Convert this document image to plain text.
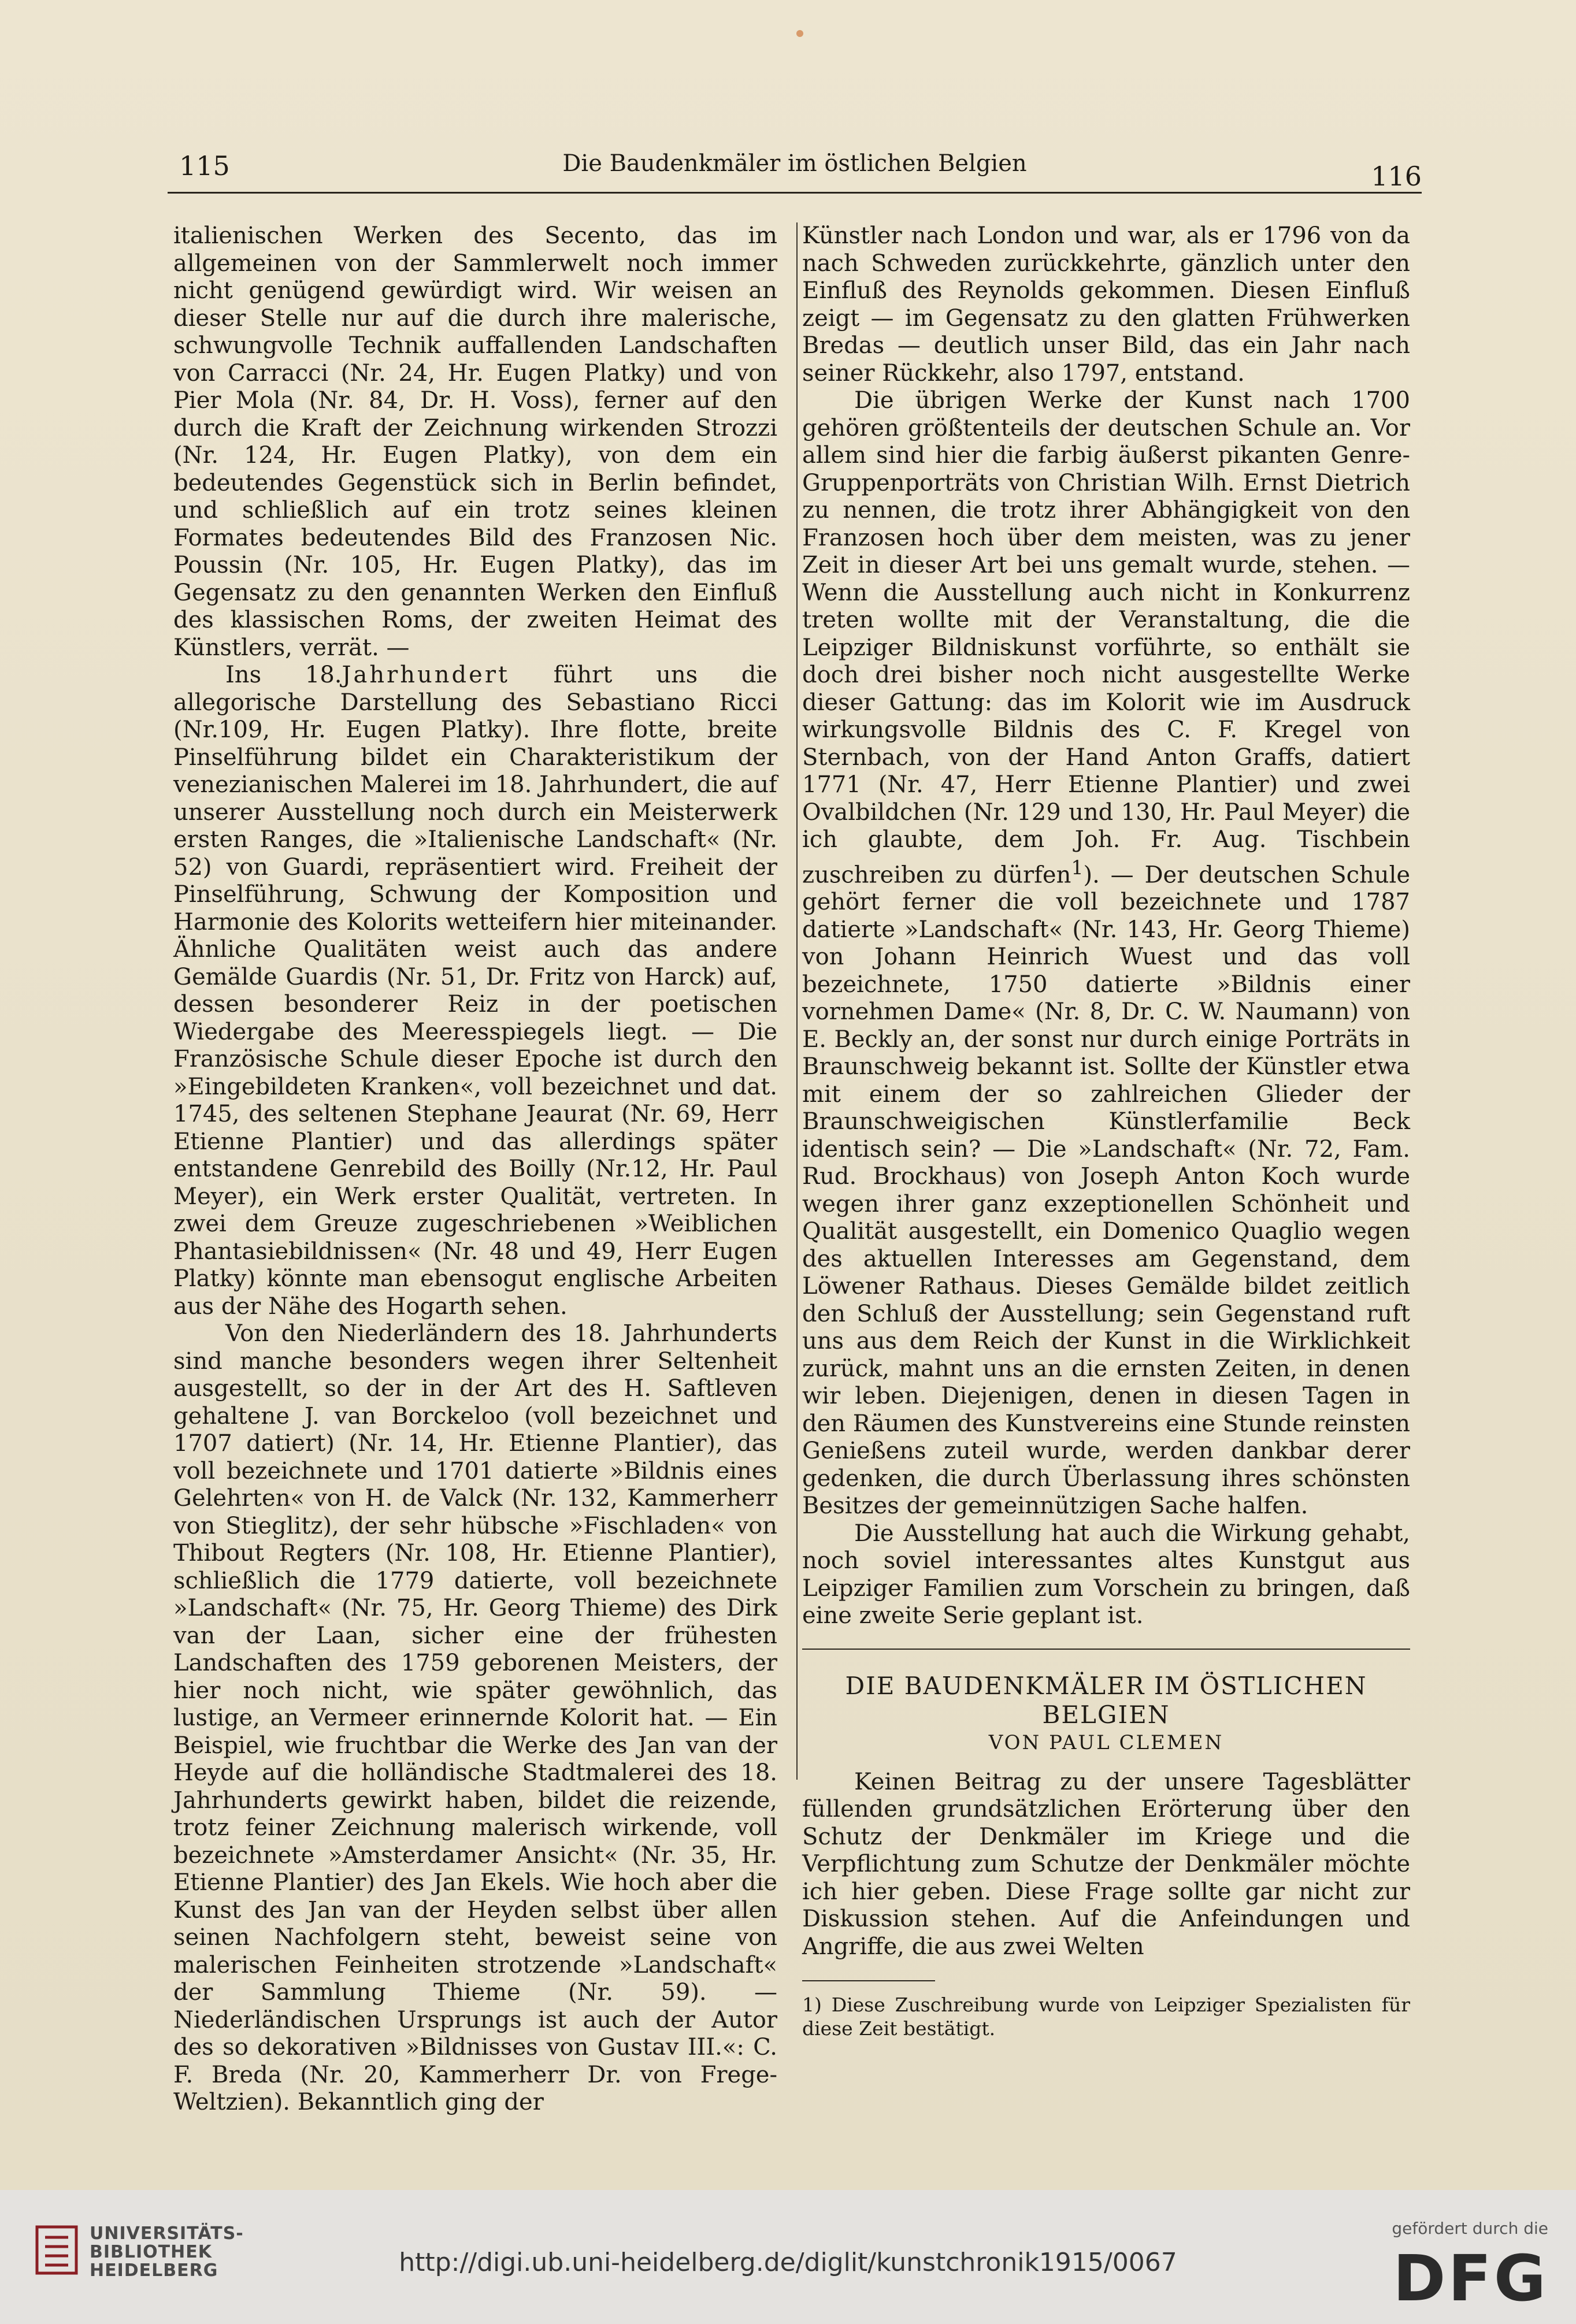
115	Die Baudenkmäler im östlichen Belgien	116

italienischen Werken des Secento, das im allgemeinen von der Sammlerwelt noch immer nicht genügend gewürdigt wird. Wir weisen an dieser Stelle nur auf die durch ihre malerische, schwungvolle Technik auffallenden Landschaften von Carracci (Nr. 24, Hr. Eugen Platky) und von Pier Mola (Nr. 84, Dr. H. Voss), ferner auf den durch die Kraft der Zeichnung wirkenden Strozzi (Nr. 124, Hr. Eugen Platky), von dem ein bedeutendes Gegenstück sich in Berlin befindet, und schließlich auf ein trotz seines kleinen Formates bedeutendes Bild des Franzosen Nic. Poussin (Nr. 105, Hr. Eugen Platky), das im Gegensatz zu den genannten Werken den Einfluß des klassischen Roms, der zweiten Heimat des Künstlers, verrät. —

Ins 18.Jahrhundert führt uns die allegorische Darstellung des Sebastiano Ricci (Nr.109, Hr. Eugen Platky). Ihre flotte, breite Pinselführung bildet ein Charakteristikum der venezianischen Malerei im 18. Jahrhundert, die auf unserer Ausstellung noch durch ein Meisterwerk ersten Ranges, die »Italienische Landschaft« (Nr. 52) von Guardi, repräsentiert wird. Freiheit der Pinselführung, Schwung der Komposition und Harmonie des Kolorits wetteifern hier miteinander. Ähnliche Qualitäten weist auch das andere Gemälde Guardis (Nr. 51, Dr. Fritz von Harck) auf, dessen besonderer Reiz in der poetischen Wiedergabe des Meeresspiegels liegt. — Die Französische Schule dieser Epoche ist durch den »Eingebildeten Kranken«, voll bezeichnet und dat. 1745, des seltenen Stephane Jeaurat (Nr. 69, Herr Etienne Plantier) und das allerdings später entstandene Genrebild des Boilly (Nr.12, Hr. Paul Meyer), ein Werk erster Qualität, vertreten. In zwei dem Greuze zugeschriebenen »Weiblichen Phantasiebildnissen« (Nr. 48 und 49, Herr Eugen Platky) könnte man ebensogut englische Arbeiten aus der Nähe des Hogarth sehen.

Von den Niederländern des 18. Jahrhunderts sind manche besonders wegen ihrer Seltenheit ausgestellt, so der in der Art des H. Saftleven gehaltene J. van Borckeloo (voll bezeichnet und 1707 datiert) (Nr. 14, Hr. Etienne Plantier), das voll bezeichnete und 1701 datierte »Bildnis eines Gelehrten« von H. de Valck (Nr. 132, Kammerherr von Stieglitz), der sehr hübsche »Fischladen« von Thibout Regters (Nr. 108, Hr. Etienne Plantier), schließlich die 1779 datierte, voll bezeichnete »Landschaft« (Nr. 75, Hr. Georg Thieme) des Dirk van der Laan, sicher eine der frühesten Landschaften des 1759 geborenen Meisters, der hier noch nicht, wie später gewöhnlich, das lustige, an Vermeer erinnernde Kolorit hat. — Ein Beispiel, wie fruchtbar die Werke des Jan van der Heyde auf die holländische Stadtmalerei des 18. Jahrhunderts gewirkt haben, bildet die reizende, trotz feiner Zeichnung malerisch wirkende, voll bezeichnete »Amsterdamer Ansicht« (Nr. 35, Hr. Etienne Plantier) des Jan Ekels. Wie hoch aber die Kunst des Jan van der Heyden selbst über allen seinen Nachfolgern steht, beweist seine von malerischen Feinheiten strotzende »Landschaft« der Sammlung Thieme (Nr. 59). — Niederländischen Ursprungs ist auch der Autor des so dekorativen »Bildnisses von Gustav III.«: C. F. Breda (Nr. 20, Kammerherr Dr. von Frege-Weltzien). Bekanntlich ging der

Künstler nach London und war, als er 1796 von da nach Schweden zurückkehrte, gänzlich unter den Einfluß des Reynolds gekommen. Diesen Einfluß zeigt — im Gegensatz zu den glatten Frühwerken Bredas — deutlich unser Bild, das ein Jahr nach seiner Rückkehr, also 1797, entstand.

Die übrigen Werke der Kunst nach 1700 gehören größtenteils der deutschen Schule an. Vor allem sind hier die farbig äußerst pikanten Genre-Gruppenporträts von Christian Wilh. Ernst Dietrich zu nennen, die trotz ihrer Abhängigkeit von den Franzosen hoch über dem meisten, was zu jener Zeit in dieser Art bei uns gemalt wurde, stehen. — Wenn die Ausstellung auch nicht in Konkurrenz treten wollte mit der Veranstaltung, die die Leipziger Bildniskunst vorführte, so enthält sie doch drei bisher noch nicht ausgestellte Werke dieser Gattung: das im Kolorit wie im Ausdruck wirkungsvolle Bildnis des C. F. Kregel von Sternbach, von der Hand Anton Graffs, datiert 1771 (Nr. 47, Herr Etienne Plantier) und zwei Ovalbildchen (Nr. 129 und 130, Hr. Paul Meyer) die ich glaubte, dem Joh. Fr. Aug. Tischbein zuschreiben zu dürfen$^1$). — Der deutschen Schule gehört ferner die voll bezeichnete und 1787 datierte »Landschaft« (Nr. 143, Hr. Georg Thieme) von Johann Heinrich Wuest und das voll bezeichnete, 1750 datierte »Bildnis einer vornehmen Dame« (Nr. 8, Dr. C. W. Naumann) von E. Beckly an, der sonst nur durch einige Porträts in Braunschweig bekannt ist. Sollte der Künstler etwa mit einem der so zahlreichen Glieder der Braunschweigischen Künstlerfamilie Beck identisch sein? — Die »Landschaft« (Nr. 72, Fam. Rud. Brockhaus) von Joseph Anton Koch wurde wegen ihrer ganz exzeptionellen Schönheit und Qualität ausgestellt, ein Domenico Quaglio wegen des aktuellen Interesses am Gegenstand, dem Löwener Rathaus. Dieses Gemälde bildet zeitlich den Schluß der Ausstellung; sein Gegenstand ruft uns aus dem Reich der Kunst in die Wirklichkeit zurück, mahnt uns an die ernsten Zeiten, in denen wir leben. Diejenigen, denen in diesen Tagen in den Räumen des Kunstvereins eine Stunde reinsten Genießens zuteil wurde, werden dankbar derer gedenken, die durch Überlassung ihres schönsten Besitzes der gemeinnützigen Sache halfen.

Die Ausstellung hat auch die Wirkung gehabt, noch soviel interessantes altes Kunstgut aus Leipziger Familien zum Vorschein zu bringen, daß eine zweite Serie geplant ist.

DIE BAUDENKMÄLER IM ÖSTLICHEN BELGIEN
VON PAUL CLEMEN

Keinen Beitrag zu der unsere Tagesblätter füllenden grundsätzlichen Erörterung über den Schutz der Denkmäler im Kriege und die Verpflichtung zum Schutze der Denkmäler möchte ich hier geben. Diese Frage sollte gar nicht zur Diskussion stehen. Auf die Anfeindungen und Angriffe, die aus zwei Welten

1) Diese Zuschreibung wurde von Leipziger Spezialisten für diese Zeit bestätigt.
UNIVERSITÄTS-
BIBLIOTHEK
HEIDELBERG	http://digi.ub.uni-heidelberg.de/diglit/kunstchronik1915/0067
gefördert durch die
DFG
